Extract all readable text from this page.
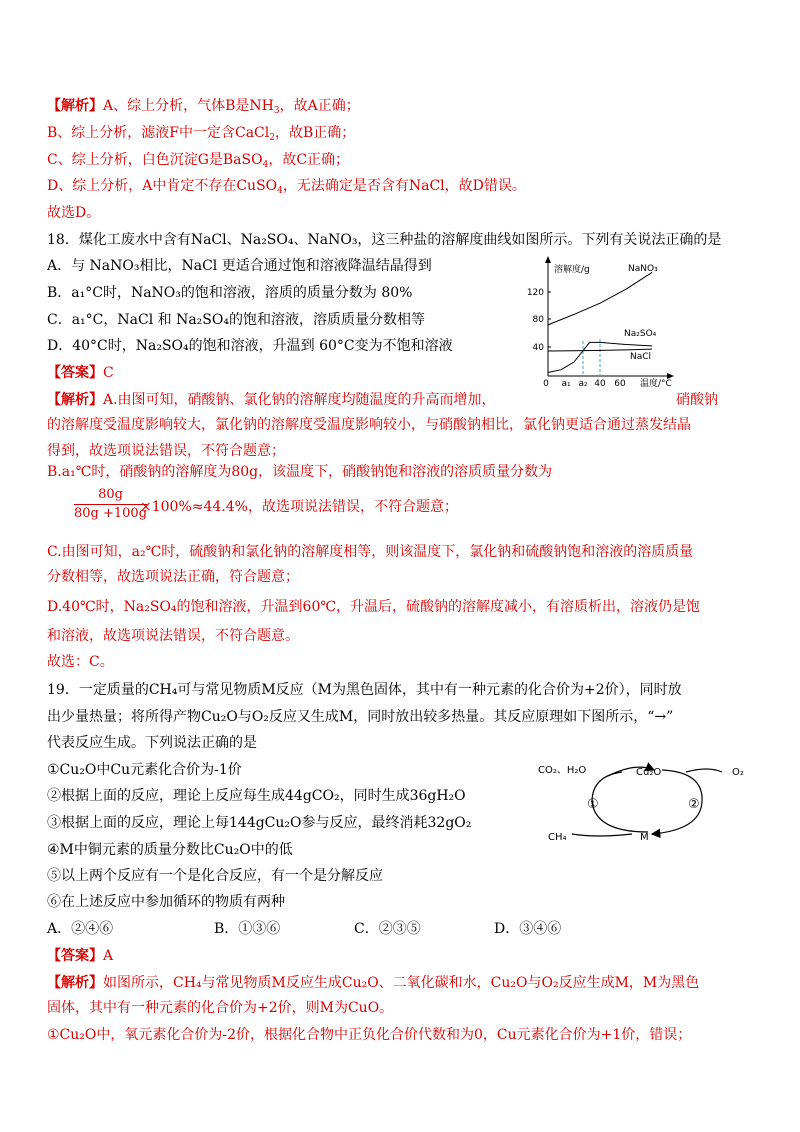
【解析】A、综上分析，气体B是$NH_3$，故A正确；
B、综上分析，滤液F中一定含CaCl$_2$，故B正确；
C、综上分析，白色沉淀G是BaSO$_4$，故C正确；
D、综上分析，A中肯定不存在CuSO$_4$，无法确定是否含有NaCl，故D错误。
故选D。
18．煤化工废水中含有NaCl、Na₂SO₄、NaNO₃，这三种盐的溶解度曲线如图所示。下列有关说法正确的是
A．与 NaNO₃相比，NaCl 更适合通过饱和溶液降温结晶得到
B．a₁°C时，NaNO₃的饱和溶液，溶质的质量分数为 80%
C．a₁°C，NaCl 和 Na₂SO₄的饱和溶液，溶质质量分数相等
D．40°C时，Na₂SO₄的饱和溶液，升温到 60°C变为不饱和溶液
【答案】C
【解析】A.由图可知，硝酸钠、氯化钠的溶解度均随温度的升高而增加，	硝酸钠
的溶解度受温度影响较大，氯化钠的溶解度受温度影响较小，与硝酸钠相比，氯化钠更适合通过蒸发结晶
得到，故选项说法错误，不符合题意；
B.a₁℃时，硝酸钠的溶解度为80g，该温度下，硝酸钠饱和溶液的溶质质量分数为
$\frac{80g}{80g +100g}$
×100%≈44.4%，故选项说法错误，不符合题意；
C.由图可知，a₂℃时，硫酸钠和氯化钠的溶解度相等，则该温度下，氯化钠和硫酸钠饱和溶液的溶质质量
分数相等，故选项说法正确，符合题意；
D.40℃时，Na₂SO₄的饱和溶液，升温到60℃，升温后，硫酸钠的溶解度减小，有溶质析出，溶液仍是饱
和溶液，故选项说法错误，不符合题意。
故选：C。
19．一定质量的CH₄可与常见物质M反应（M为黑色固体，其中有一种元素的化合价为+2价），同时放
出少量热量；将所得产物Cu₂O与O₂反应又生成M，同时放出较多热量。其反应原理如下图所示，“→”
代表反应生成。下列说法正确的是
①Cu₂O中Cu元素化合价为-1价
②根据上面的反应，理论上反应每生成44gCO₂，同时生成36gH₂O
③根据上面的反应，理论上每144gCu₂O参与反应，最终消耗32gO₂
④M中铜元素的质量分数比Cu₂O中的低
⑤以上两个反应有一个是化合反应，有一个是分解反应
⑥在上述反应中参加循环的物质有两种
A．②④⑥	B．①③⑥	C．②③⑤	D．③④⑥
【答案】A
【解析】如图所示，CH₄与常见物质M反应生成Cu₂O、二氧化碳和水，Cu₂O与O₂反应生成M，M为黑色
固体，其中有一种元素的化合价为+2价，则M为CuO。
①Cu₂O中，氧元素化合价为-2价，根据化合物中正负化合价代数和为0，Cu元素化合价为+1价，错误；
溶解度/g
温度/°C
120
80
40
0 a₁ a₂ 40 60
NaNO₃
Na₂SO₄
NaCl
CO₂、H₂O	Cu₂O	O₂
CH₄	M
①	②
